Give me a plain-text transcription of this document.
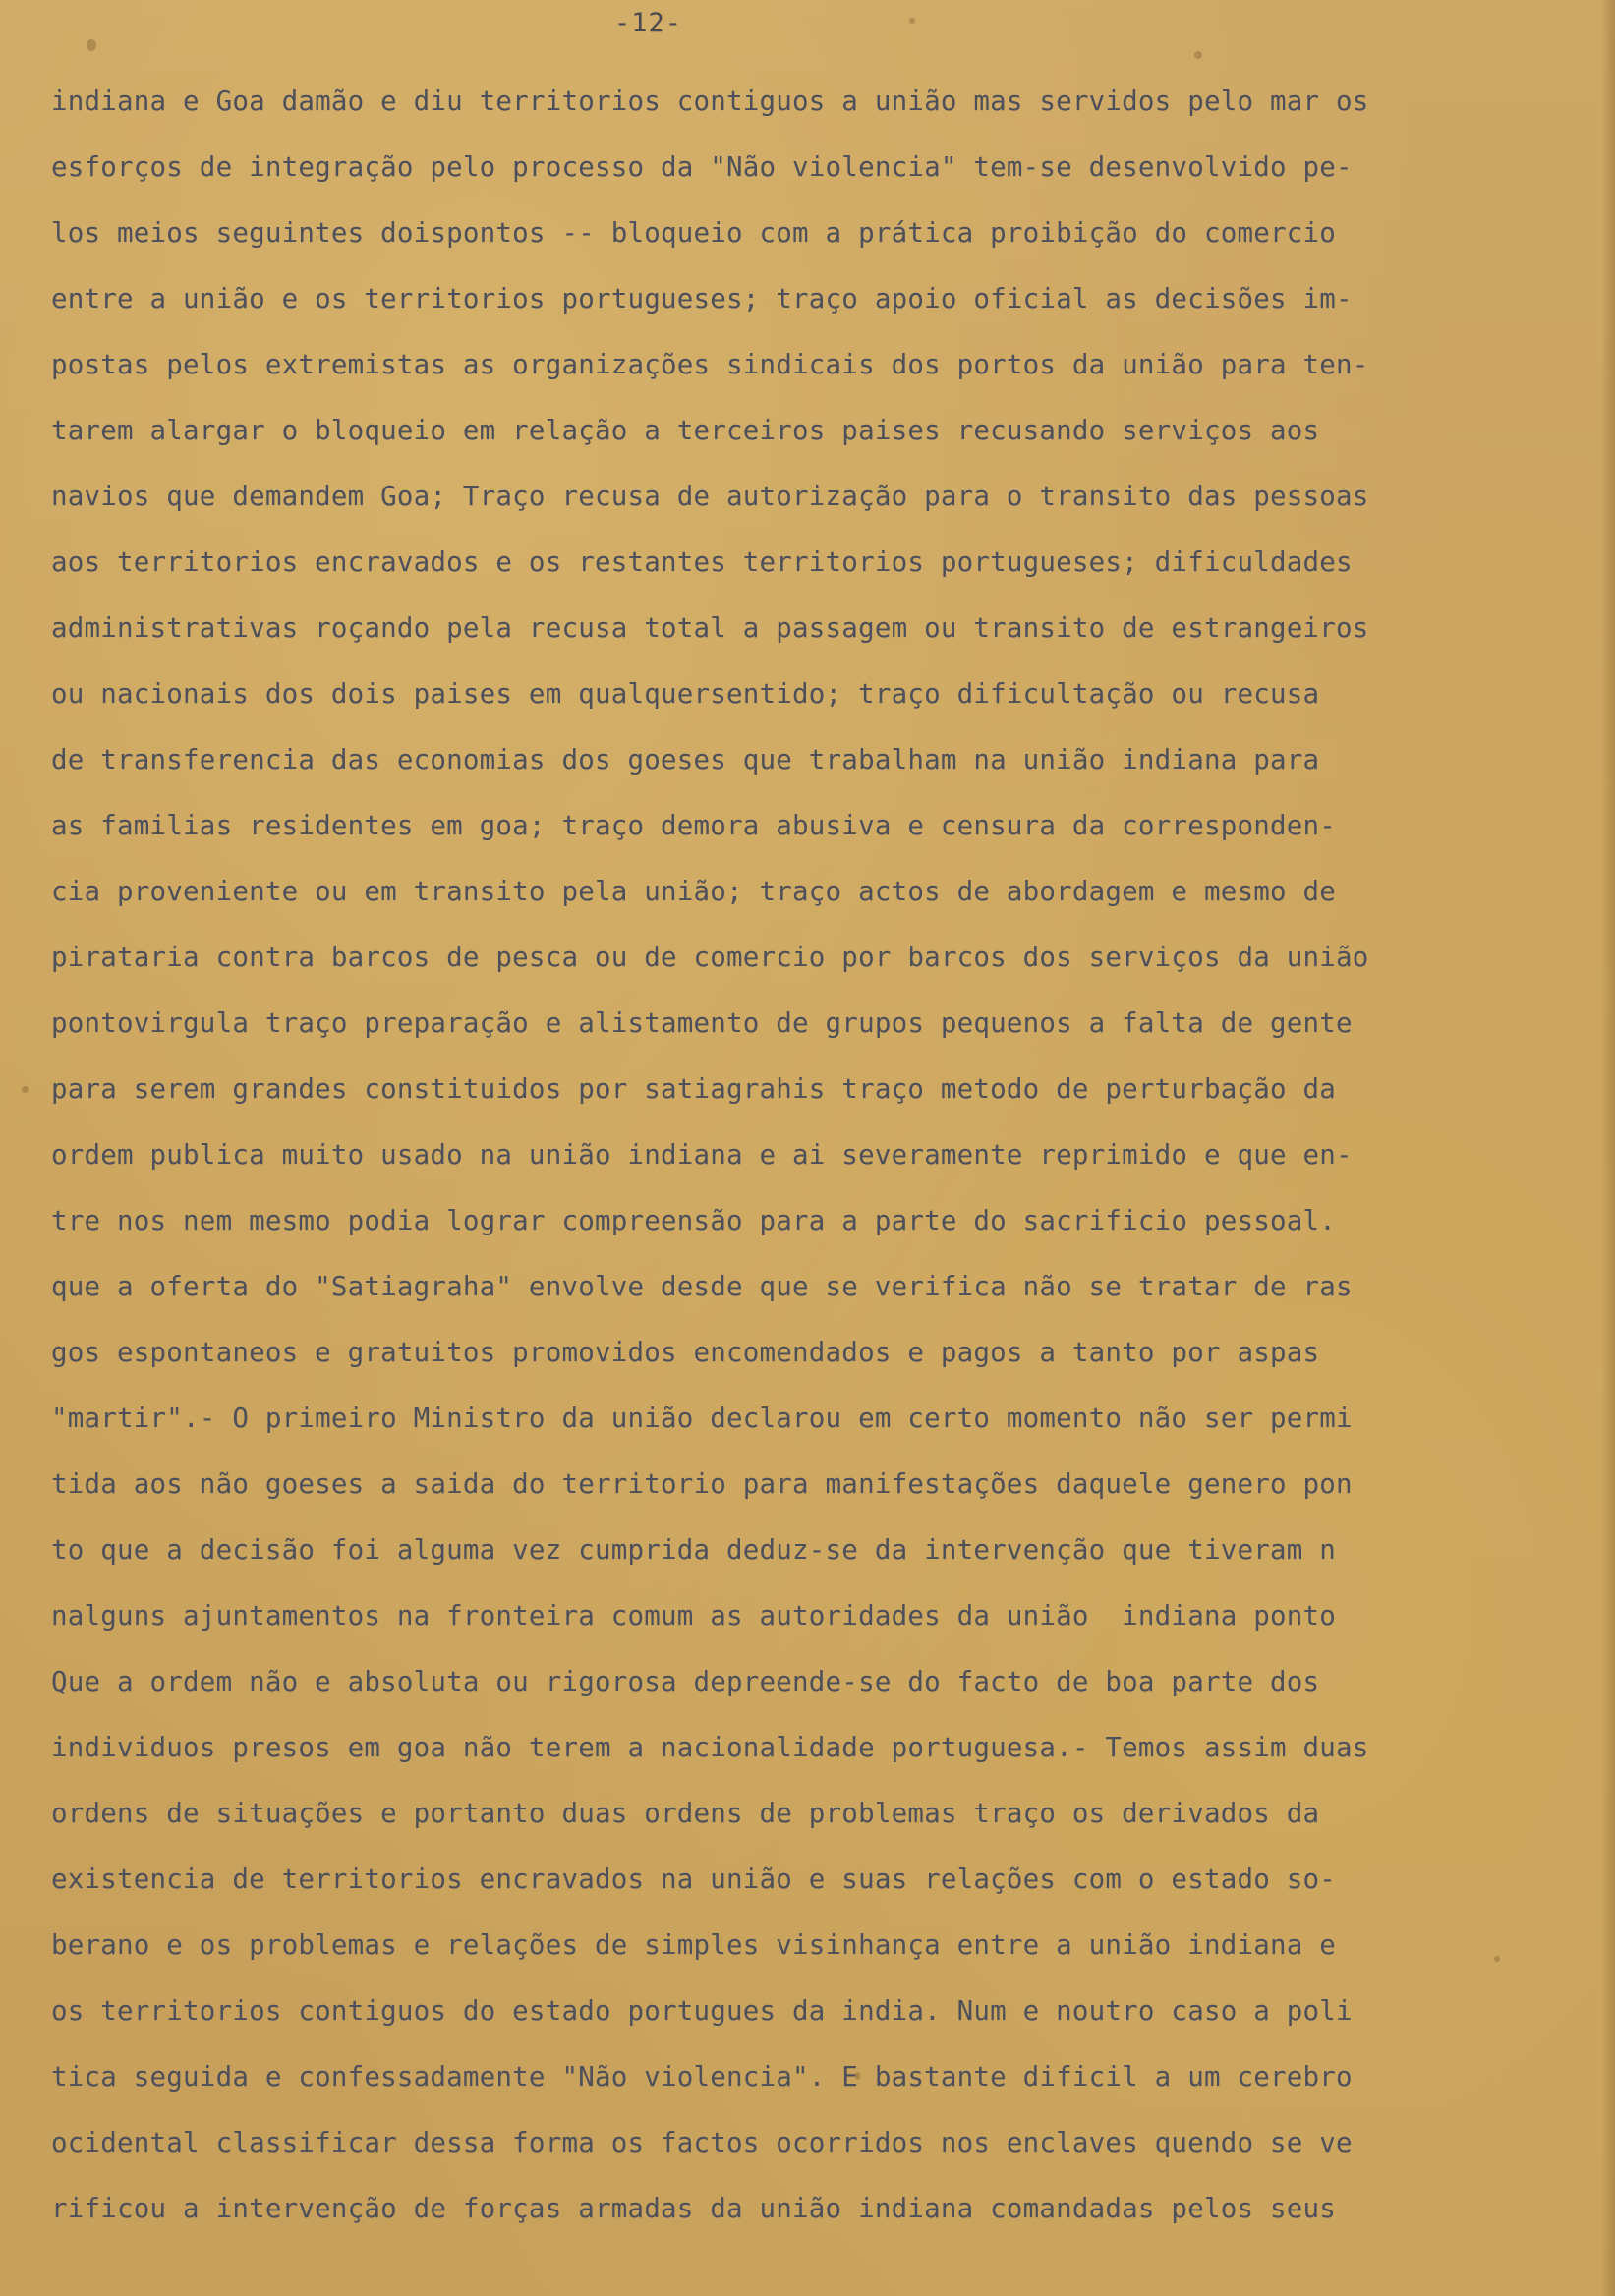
-12-
indiana e Goa damão e diu territorios contiguos a união mas servidos pelo mar os
esforços de integração pelo processo da "Não violencia" tem-se desenvolvido pe-
los meios seguintes doispontos -- bloqueio com a prática proibição do comercio
entre a união e os territorios portugueses; traço apoio oficial as decisões im-
postas pelos extremistas as organizações sindicais dos portos da união para ten-
tarem alargar o bloqueio em relação a terceiros paises recusando serviços aos
navios que demandem Goa; Traço recusa de autorização para o transito das pessoas
aos territorios encravados e os restantes territorios portugueses; dificuldades
administrativas roçando pela recusa total a passagem ou transito de estrangeiros
ou nacionais dos dois paises em qualquersentido; traço dificultação ou recusa
de transferencia das economias dos goeses que trabalham na união indiana para
as familias residentes em goa; traço demora abusiva e censura da corresponden-
cia proveniente ou em transito pela união; traço actos de abordagem e mesmo de
pirataria contra barcos de pesca ou de comercio por barcos dos serviços da união
pontovirgula traço preparação e alistamento de grupos pequenos a falta de gente
para serem grandes constituidos por satiagrahis traço metodo de perturbação da
ordem publica muito usado na união indiana e ai severamente reprimido e que en-
tre nos nem mesmo podia lograr compreensão para a parte do sacrificio pessoal.
que a oferta do "Satiagraha" envolve desde que se verifica não se tratar de ras
gos espontaneos e gratuitos promovidos encomendados e pagos a tanto por aspas
"martir".- O primeiro Ministro da união declarou em certo momento não ser permi
tida aos não goeses a saida do territorio para manifestações daquele genero pon
to que a decisão foi alguma vez cumprida deduz-se da intervenção que tiveram n
nalguns ajuntamentos na fronteira comum as autoridades da união  indiana ponto
Que a ordem não e absoluta ou rigorosa depreende-se do facto de boa parte dos
individuos presos em goa não terem a nacionalidade portuguesa.- Temos assim duas
ordens de situações e portanto duas ordens de problemas traço os derivados da
existencia de territorios encravados na união e suas relações com o estado so-
berano e os problemas e relações de simples visinhança entre a união indiana e
os territorios contiguos do estado portugues da india. Num e noutro caso a poli
tica seguida e confessadamente "Não violencia". E bastante dificil a um cerebro
ocidental classificar dessa forma os factos ocorridos nos enclaves quendo se ve
rificou a intervenção de forças armadas da união indiana comandadas pelos seus
